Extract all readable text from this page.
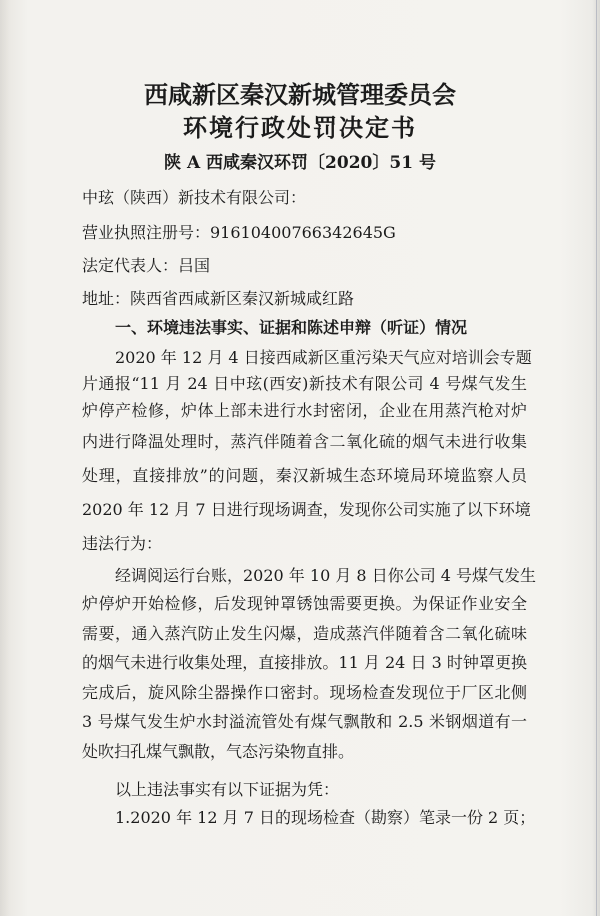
西咸新区秦汉新城管理委员会
环境行政处罚决定书
陕 A 西咸秦汉环罚〔2020〕51 号
中玹（陕西）新技术有限公司：
营业执照注册号：91610400766342645G
法定代表人：吕国
地址：陕西省西咸新区秦汉新城咸红路
一、环境违法事实、证据和陈述申辩（听证）情况
2020 年 12 月 4 日接西咸新区重污染天气应对培训会专题
片通报“11 月 24 日中玹(西安)新技术有限公司 4 号煤气发生
炉停产检修，炉体上部未进行水封密闭，企业在用蒸汽枪对炉
内进行降温处理时，蒸汽伴随着含二氧化硫的烟气未进行收集
处理，直接排放”的问题，秦汉新城生态环境局环境监察人员
2020 年 12 月 7 日进行现场调查，发现你公司实施了以下环境
违法行为：
经调阅运行台账，2020 年 10 月 8 日你公司 4 号煤气发生
炉停炉开始检修，后发现钟罩锈蚀需要更换。为保证作业安全
需要，通入蒸汽防止发生闪爆，造成蒸汽伴随着含二氧化硫味
的烟气未进行收集处理，直接排放。11 月 24 日 3 时钟罩更换
完成后，旋风除尘器操作口密封。现场检查发现位于厂区北侧
3 号煤气发生炉水封溢流管处有煤气飘散和 2.5 米钢烟道有一
处吹扫孔煤气飘散，气态污染物直排。
以上违法事实有以下证据为凭：
1.2020 年 12 月 7 日的现场检查（勘察）笔录一份 2 页；
